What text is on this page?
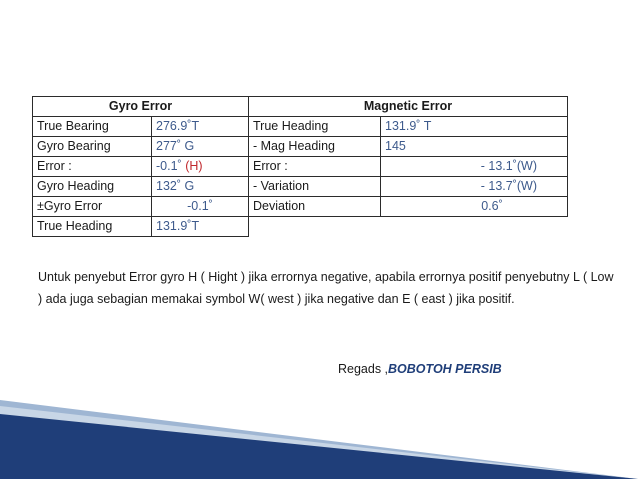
Gyro Error		Magnetic Error	
True Bearing	276.9˚T	True Heading	131.9˚ T
Gyro Bearing	277˚ G	- Mag Heading	145
Error :	-0.1˚ (H)	Error :	- 13.1˚(W)
Gyro Heading	132˚ G	- Variation	- 13.7˚(W)
±Gyro Error	-0.1˚	Deviation	0.6˚
True Heading	131.9˚T		
Untuk penyebut Error gyro H ( Hight ) jika errornya negative, apabila errornya positif penyebutny L ( Low ) ada juga sebagian memakai symbol W( west ) jika negative dan E ( east ) jika positif.
Regads ,BOBOTOH PERSIB
